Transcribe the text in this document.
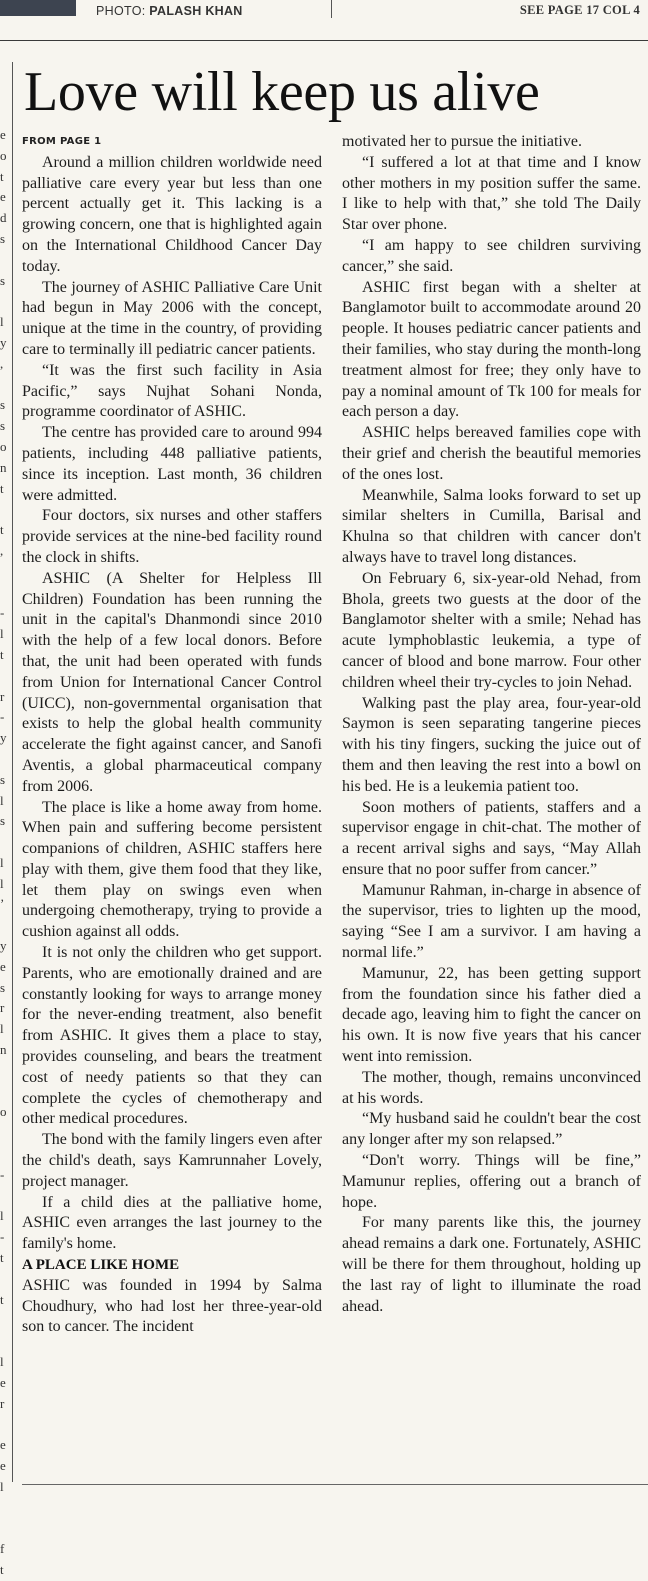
PHOTO: PALASH KHAN	SEE PAGE 17 COL 4
e
o
t
e
d
s
s
l
y
,
s
s
o
n
t
t
,
-
l
t
r
-
y
s
l
s
l
l
’
y
e
s
r
l
n
o
-
l
-
t
t
l
e
r
e
e
l
f
t
Love will keep us alive
FROM PAGE 1

Around a million children worldwide need palliative care every year but less than one percent actually get it. This lacking is a growing concern, one that is highlighted again on the International Childhood Cancer Day today.

The journey of ASHIC Palliative Care Unit had begun in May 2006 with the concept, unique at the time in the country, of providing care to terminally ill pediatric cancer patients.

“It was the first such facility in Asia Pacific,” says Nujhat Sohani Nonda, programme coordinator of ASHIC.

The centre has provided care to around 994 patients, including 448 palliative patients, since its inception. Last month, 36 children were admitted.

Four doctors, six nurses and other staffers provide services at the nine-bed facility round the clock in shifts.

ASHIC (A Shelter for Helpless Ill Children) Foundation has been running the unit in the capital's Dhanmondi since 2010 with the help of a few local donors. Before that, the unit had been operated with funds from Union for International Cancer Control (UICC), non-governmental organisation that exists to help the global health community accelerate the fight against cancer, and Sanofi Aventis, a global pharmaceutical company from 2006.

The place is like a home away from home. When pain and suffering become persistent companions of children, ASHIC staffers here play with them, give them food that they like, let them play on swings even when undergoing chemotherapy, trying to provide a cushion against all odds.

It is not only the children who get support. Parents, who are emotionally drained and are constantly looking for ways to arrange money for the never-ending treatment, also benefit from ASHIC. It gives them a place to stay, provides counseling, and bears the treatment cost of needy patients so that they can complete the cycles of chemotherapy and other medical procedures.

The bond with the family lingers even after the child's death, says Kamrunnaher Lovely, project manager.

If a child dies at the palliative home, ASHIC even arranges the last journey to the family's home.

A PLACE LIKE HOME

ASHIC was founded in 1994 by Salma Choudhury, who had lost her three-year-old son to cancer. The incident

motivated her to pursue the initiative.

“I suffered a lot at that time and I know other mothers in my position suffer the same. I like to help with that,” she told The Daily Star over phone.

“I am happy to see children surviving cancer,” she said.

ASHIC first began with a shelter at Banglamotor built to accommodate around 20 people. It houses pediatric cancer patients and their families, who stay during the month-long treatment almost for free; they only have to pay a nominal amount of Tk 100 for meals for each person a day.

ASHIC helps bereaved families cope with their grief and cherish the beautiful memories of the ones lost.

Meanwhile, Salma looks forward to set up similar shelters in Cumilla, Barisal and Khulna so that children with cancer don't always have to travel long distances.

On February 6, six-year-old Nehad, from Bhola, greets two guests at the door of the Banglamotor shelter with a smile; Nehad has acute lymphoblastic leukemia, a type of cancer of blood and bone marrow. Four other children wheel their try-cycles to join Nehad.

Walking past the play area, four-year-old Saymon is seen separating tangerine pieces with his tiny fingers, sucking the juice out of them and then leaving the rest into a bowl on his bed. He is a leukemia patient too.

Soon mothers of patients, staffers and a supervisor engage in chit-chat. The mother of a recent arrival sighs and says, “May Allah ensure that no poor suffer from cancer.”

Mamunur Rahman, in-charge in absence of the supervisor, tries to lighten up the mood, saying “See I am a survivor. I am having a normal life.”

Mamunur, 22, has been getting support from the foundation since his father died a decade ago, leaving him to fight the cancer on his own. It is now five years that his cancer went into remission.

The mother, though, remains unconvinced at his words.

“My husband said he couldn't bear the cost any longer after my son relapsed.”

“Don't worry. Things will be fine,” Mamunur replies, offering out a branch of hope.

For many parents like this, the journey ahead remains a dark one. Fortunately, ASHIC will be there for them throughout, holding up the last ray of light to illuminate the road ahead.
